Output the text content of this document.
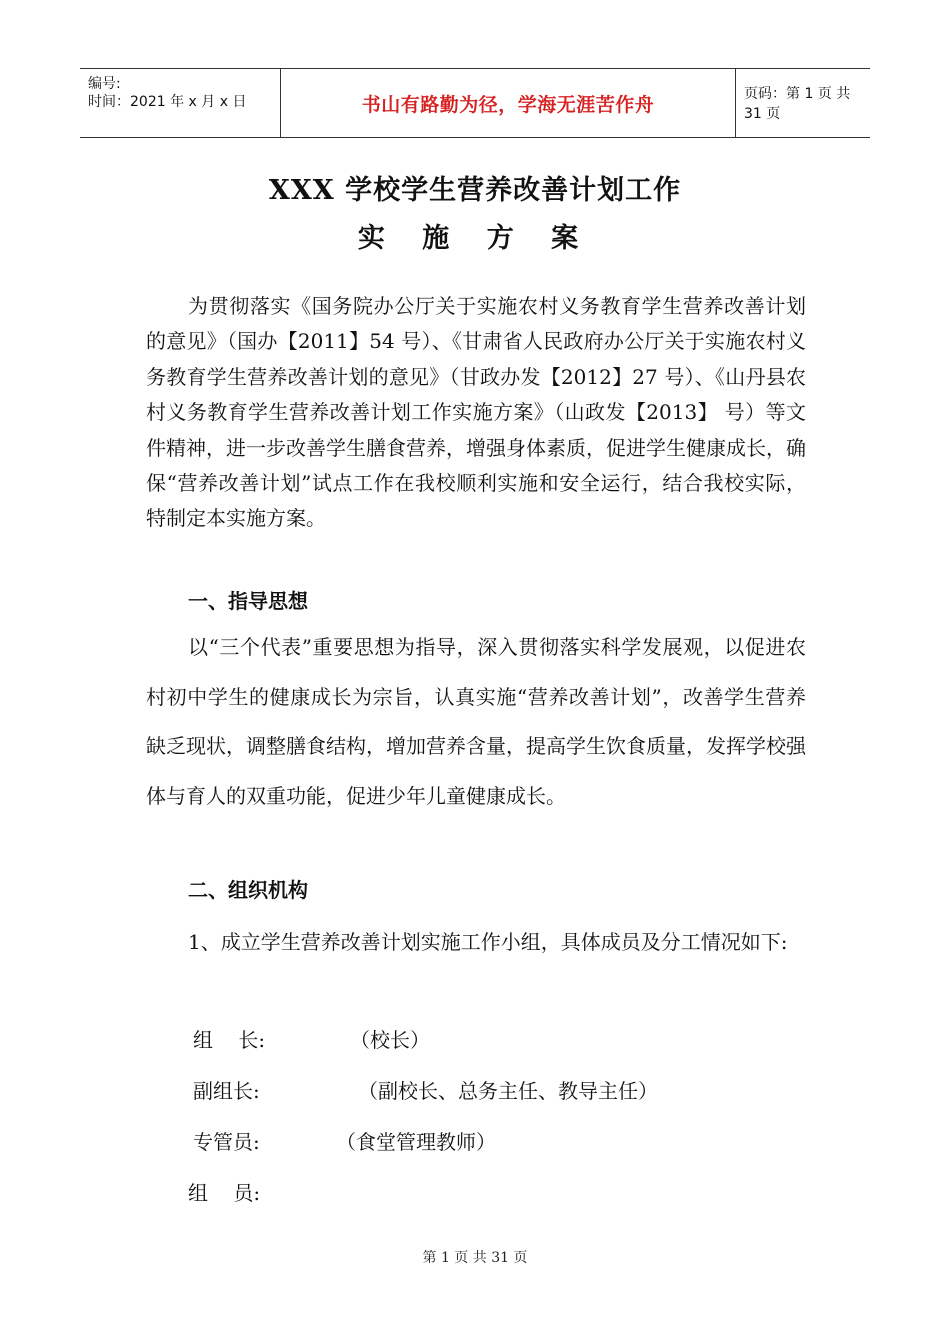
编号:
时间：2021 年 x 月 x 日	书山有路勤为径，学海无涯苦作舟	页码：第 1 页 共 31 页
XXX 学校学生营养改善计划工作
实 施 方 案
为贯彻落实《国务院办公厅关于实施农村义务教育学生营养改善计划的意见》（国办【2011】54 号）、《甘肃省人民政府办公厅关于实施农村义务教育学生营养改善计划的意见》（甘政办发【2012】27 号）、《山丹县农村义务教育学生营养改善计划工作实施方案》（山政发【2013】 号）等文件精神，进一步改善学生膳食营养，增强身体素质，促进学生健康成长，确保“营养改善计划”试点工作在我校顺利实施和安全运行，结合我校实际，特制定本实施方案。
一、指导思想
以“三个代表”重要思想为指导，深入贯彻落实科学发展观，以促进农村初中学生的健康成长为宗旨，认真实施“营养改善计划”，改善学生营养缺乏现状，调整膳食结构，增加营养含量，提高学生饮食质量，发挥学校强体与育人的双重功能，促进少年儿童健康成长。
二、组织机构
1、成立学生营养改善计划实施工作小组，具体成员及分工情况如下:
组    长:	（校长）
副组长:	（副校长、总务主任、教导主任）
专管员:	（食堂管理教师）
组    员:
第 1 页 共 31 页
